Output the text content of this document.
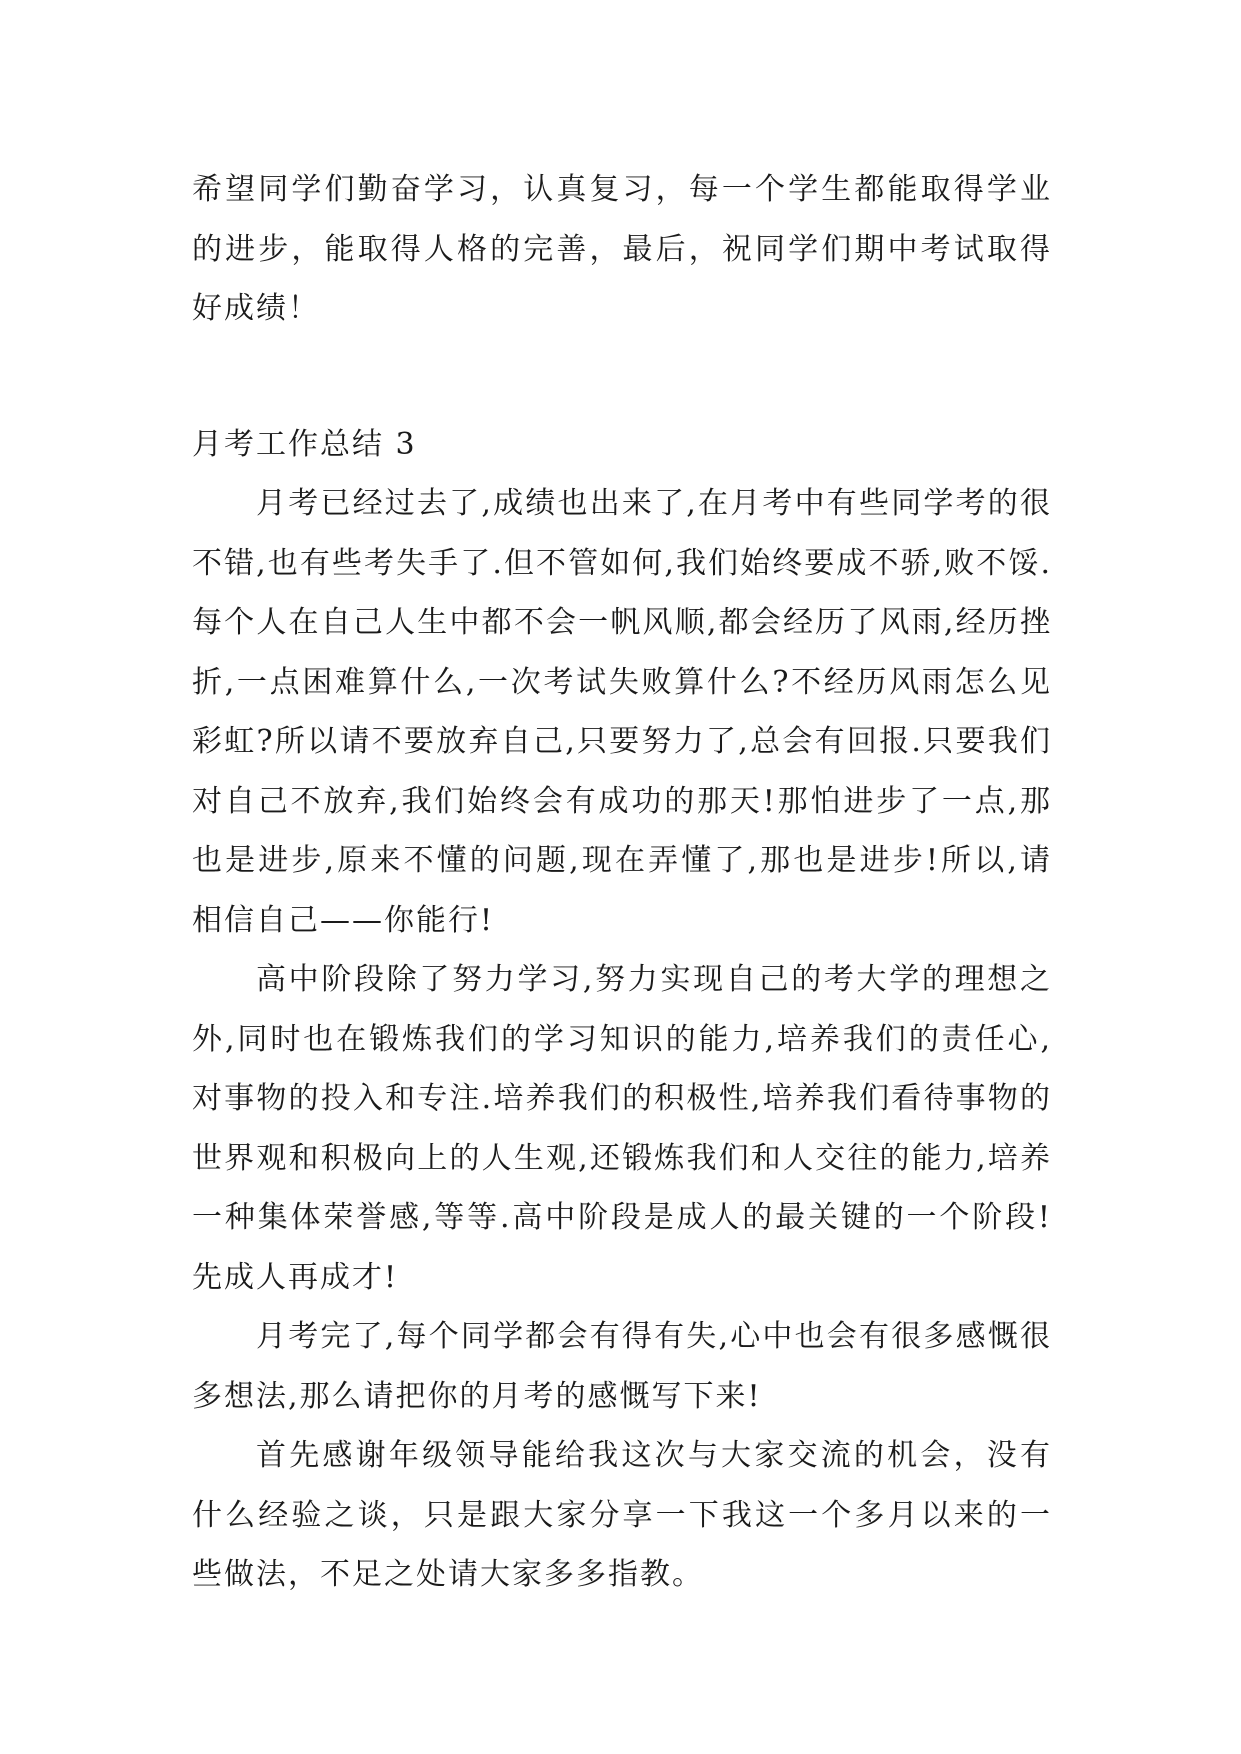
希望同学们勤奋学习，认真复习，每一个学生都能取得学业的进步，能取得人格的完善，最后，祝同学们期中考试取得好成绩！

月考工作总结 3

月考已经过去了,成绩也出来了,在月考中有些同学考的很不错,也有些考失手了.但不管如何,我们始终要成不骄,败不馁.每个人在自己人生中都不会一帆风顺,都会经历了风雨,经历挫折,一点困难算什么,一次考试失败算什么?不经历风雨怎么见彩虹?所以请不要放弃自己,只要努力了,总会有回报.只要我们对自己不放弃,我们始终会有成功的那天!那怕进步了一点,那也是进步,原来不懂的问题,现在弄懂了,那也是进步!所以,请相信自己——你能行!

高中阶段除了努力学习,努力实现自己的考大学的理想之外,同时也在锻炼我们的学习知识的能力,培养我们的责任心,对事物的投入和专注.培养我们的积极性,培养我们看待事物的世界观和积极向上的人生观,还锻炼我们和人交往的能力,培养一种集体荣誉感,等等.高中阶段是成人的最关键的一个阶段!先成人再成才!

月考完了,每个同学都会有得有失,心中也会有很多感慨很多想法,那么请把你的月考的感慨写下来!

首先感谢年级领导能给我这次与大家交流的机会，没有什么经验之谈，只是跟大家分享一下我这一个多月以来的一些做法，不足之处请大家多多指教。
